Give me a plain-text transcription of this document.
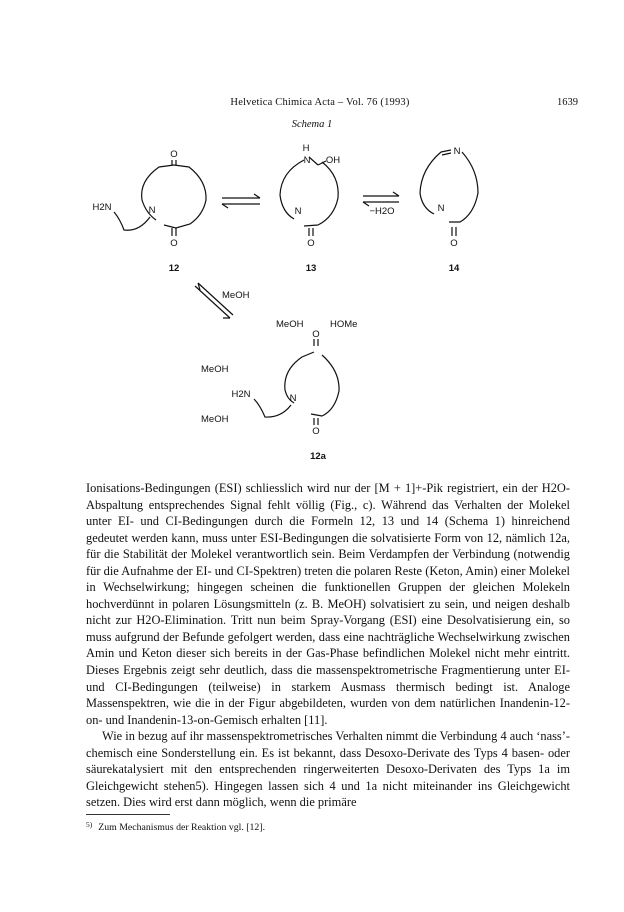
Helvetica Chimica Acta – Vol. 76 (1993)	1639
Schema 1
O
N
H2N
O
12
H
N OH
N
O
13
−H2O
N
N
O
14
MeOH
MeOH	HOMe
O
MeOH
H2N	N
MeOH
O
12a

Ionisations-Bedingungen (ESI) schliesslich wird nur der [M + 1]+-Pik registriert, ein der H2O-Abspaltung entsprechendes Signal fehlt völlig (Fig., c). Während das Verhalten der Molekel unter EI- und CI-Bedingungen durch die Formeln 12, 13 und 14 (Schema 1) hinreichend gedeutet werden kann, muss unter ESI-Bedingungen die solvatisierte Form von 12, nämlich 12a, für die Stabilität der Molekel verantwortlich sein. Beim Verdampfen der Verbindung (notwendig für die Aufnahme der EI- und CI-Spektren) treten die polaren Reste (Keton, Amin) einer Molekel in Wechselwirkung; hingegen scheinen die funktionellen Gruppen der gleichen Molekeln hochverdünnt in polaren Lösungsmitteln (z. B. MeOH) solvatisiert zu sein, und neigen deshalb nicht zur H2O-Elimination. Tritt nun beim Spray-Vorgang (ESI) eine Desolvatisierung ein, so muss aufgrund der Befunde gefolgert werden, dass eine nachträgliche Wechselwirkung zwischen Amin und Keton dieser sich bereits in der Gas-Phase befindlichen Molekel nicht mehr eintritt. Dieses Ergebnis zeigt sehr deutlich, dass die massenspektrometrische Fragmentierung unter EI- und CI-Bedingungen (teilweise) in starkem Ausmass thermisch bedingt ist. Analoge Massenspektren, wie die in der Figur abgebildeten, wurden von dem natürlichen Inandenin-12-on- und Inandenin-13-on-Gemisch erhalten [11].

Wie in bezug auf ihr massenspektrometrisches Verhalten nimmt die Verbindung 4 auch ‘nass’-chemisch eine Sonderstellung ein. Es ist bekannt, dass Desoxo-Derivate des Typs 4 basen- oder säurekatalysiert mit den entsprechenden ringerweiterten Desoxo-Derivaten des Typs 1a im Gleichgewicht stehen5). Hingegen lassen sich 4 und 1a nicht miteinander ins Gleichgewicht setzen. Dies wird erst dann möglich, wenn die primäre

$^{5)}$ Zum Mechanismus der Reaktion vgl. [12].
